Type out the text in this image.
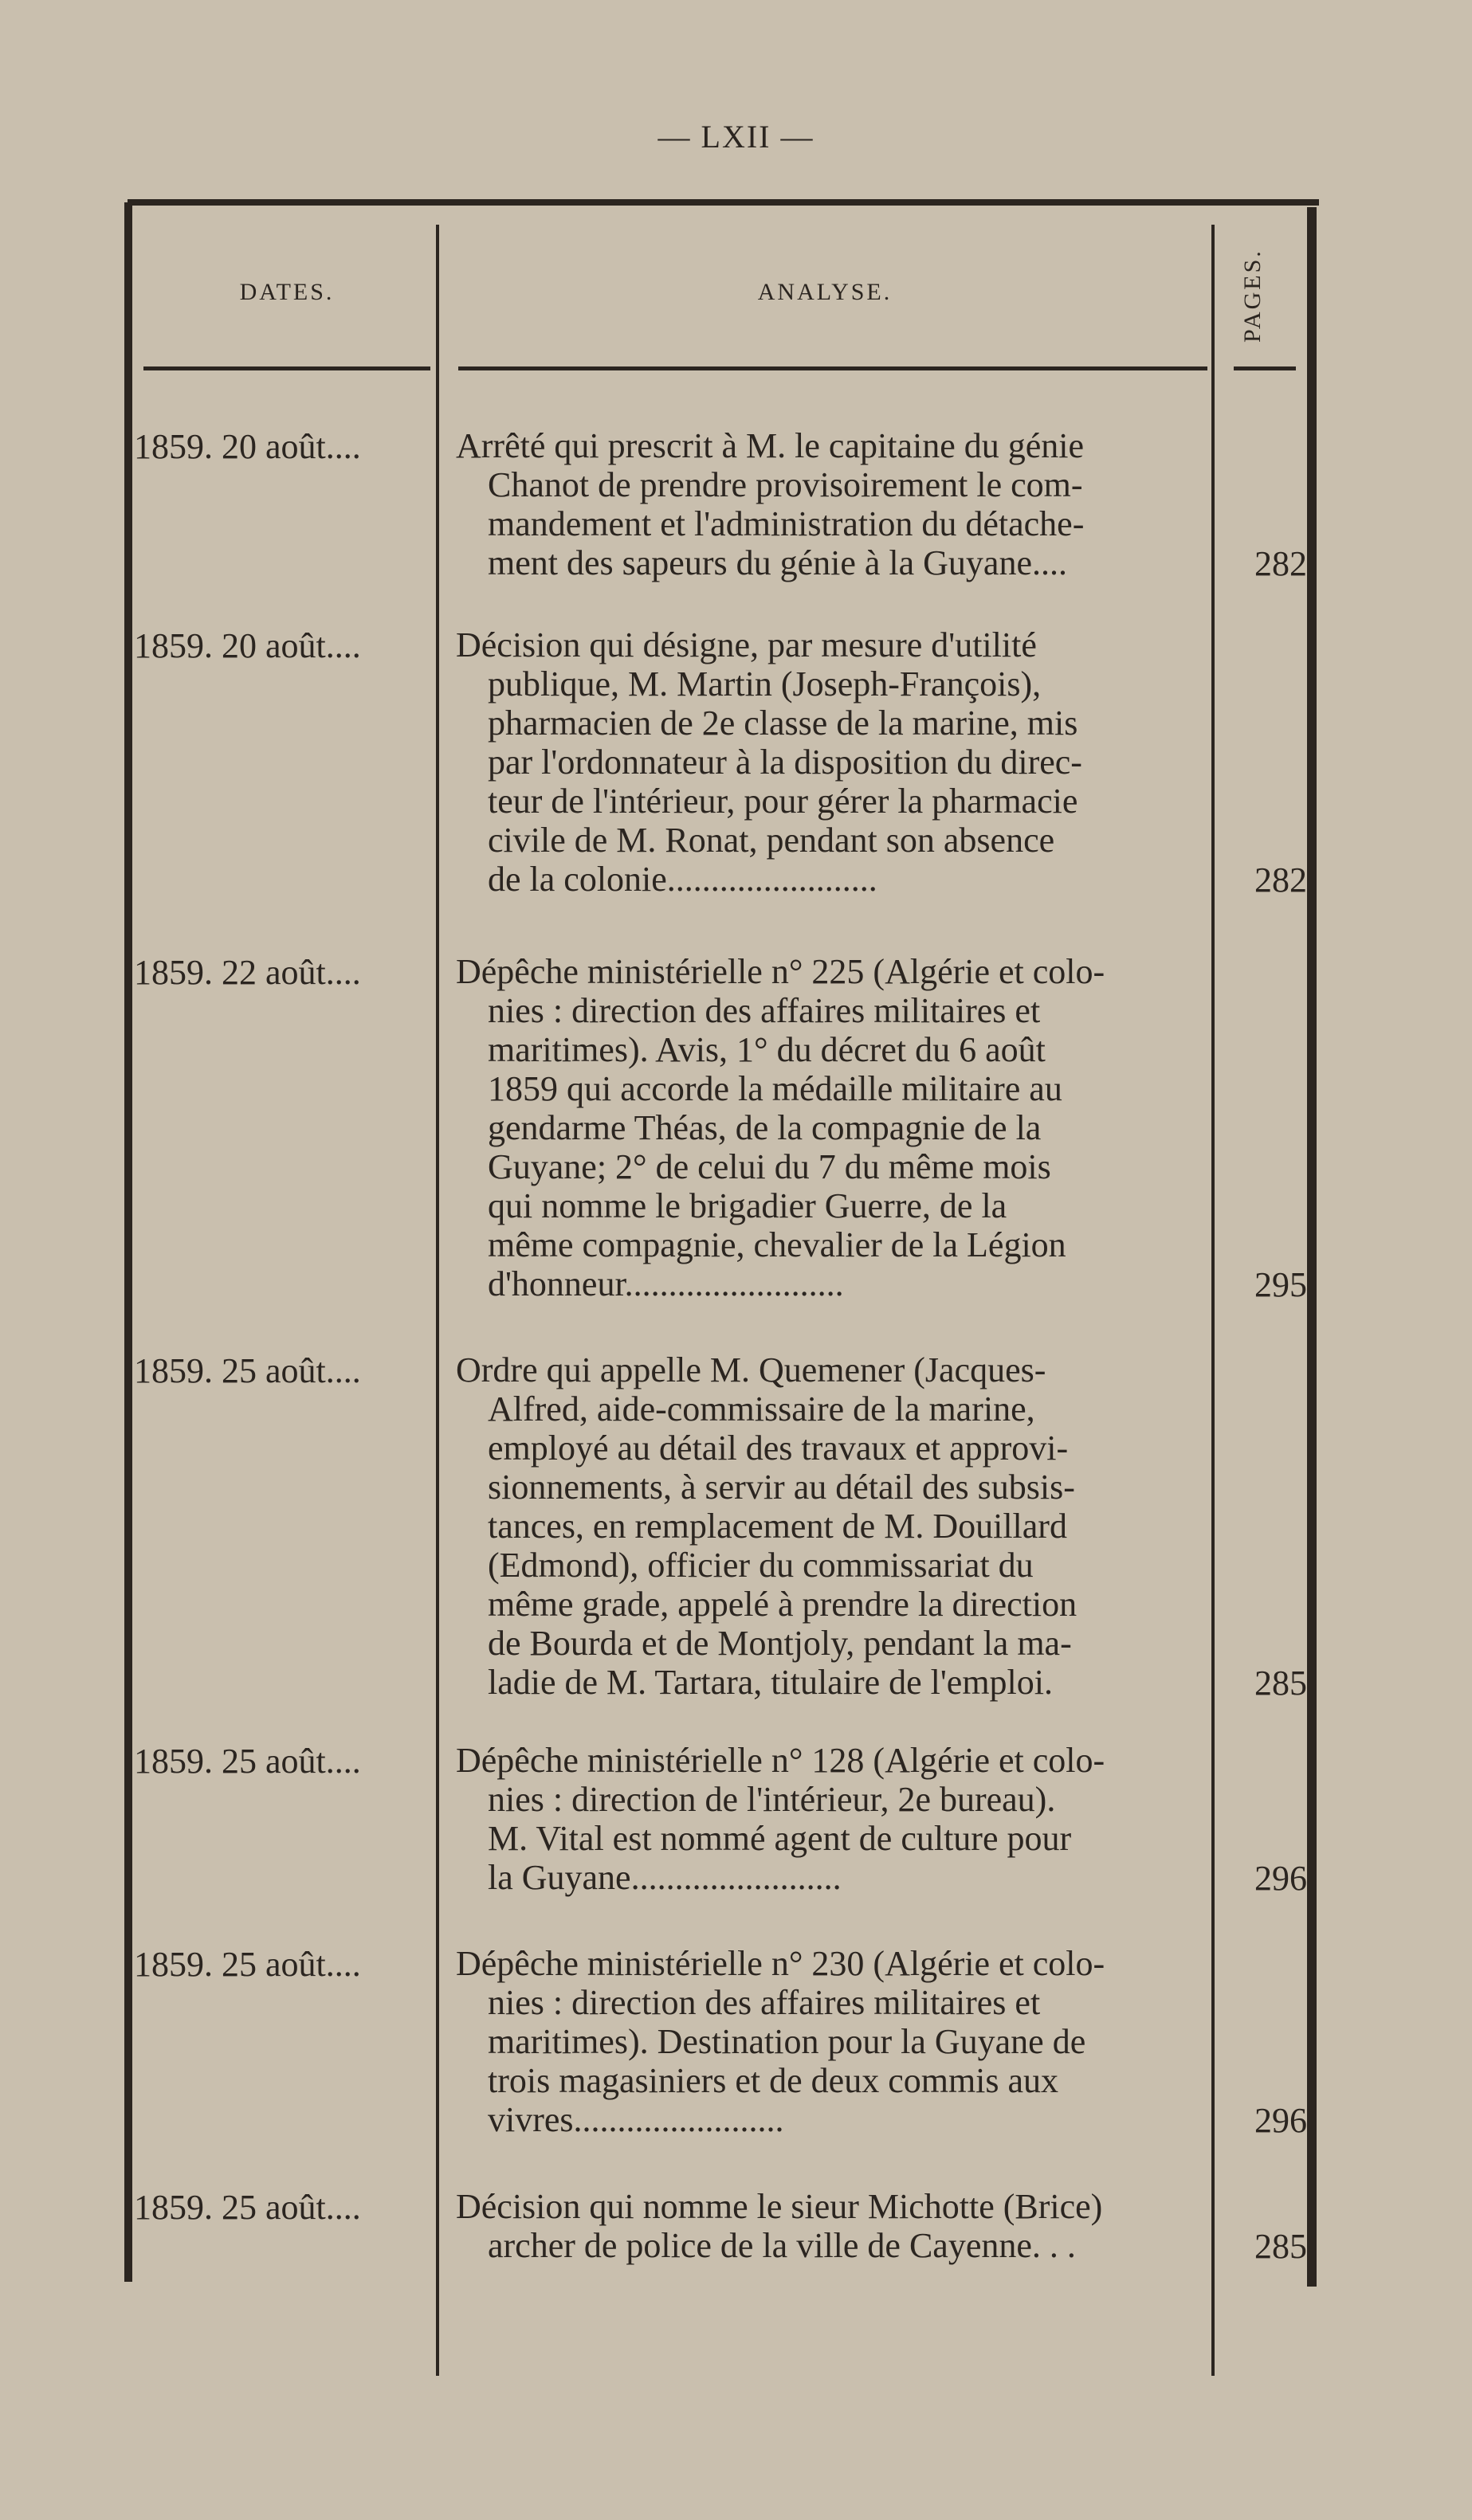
— LXII —
DATES.	ANALYSE.	PAGES.
1859. 20 août....	Arrêté qui prescrit à M. le capitaine du génie
Chanot de prendre provisoirement le com-
mandement et l'administration du détache-
ment des sapeurs du génie à la Guyane....	282
1859. 20 août....	Décision qui désigne, par mesure d'utilité
publique, M. Martin (Joseph-François),
pharmacien de 2e classe de la marine, mis
par l'ordonnateur à la disposition du direc-
teur de l'intérieur, pour gérer la pharmacie
civile de M. Ronat, pendant son absence
de la colonie........................	282
1859. 22 août....	Dépêche ministérielle n° 225 (Algérie et colo-
nies : direction des affaires militaires et
maritimes). Avis, 1° du décret du 6 août
1859 qui accorde la médaille militaire au
gendarme Théas, de la compagnie de la
Guyane; 2° de celui du 7 du même mois
qui nomme le brigadier Guerre, de la
même compagnie, chevalier de la Légion
d'honneur.........................	295
1859. 25 août....	Ordre qui appelle M. Quemener (Jacques-
Alfred, aide-commissaire de la marine,
employé au détail des travaux et approvi-
sionnements, à servir au détail des subsis-
tances, en remplacement de M. Douillard
(Edmond), officier du commissariat du
même grade, appelé à prendre la direction
de Bourda et de Montjoly, pendant la ma-
ladie de M. Tartara, titulaire de l'emploi.	285
1859. 25 août....	Dépêche ministérielle n° 128 (Algérie et colo-
nies : direction de l'intérieur, 2e bureau).
M. Vital est nommé agent de culture pour
la Guyane........................	296
1859. 25 août....	Dépêche ministérielle n° 230 (Algérie et colo-
nies : direction des affaires militaires et
maritimes). Destination pour la Guyane de
trois magasiniers et de deux commis aux
vivres........................	296
1859. 25 août....	Décision qui nomme le sieur Michotte (Brice)
archer de police de la ville de Cayenne. . .	285
